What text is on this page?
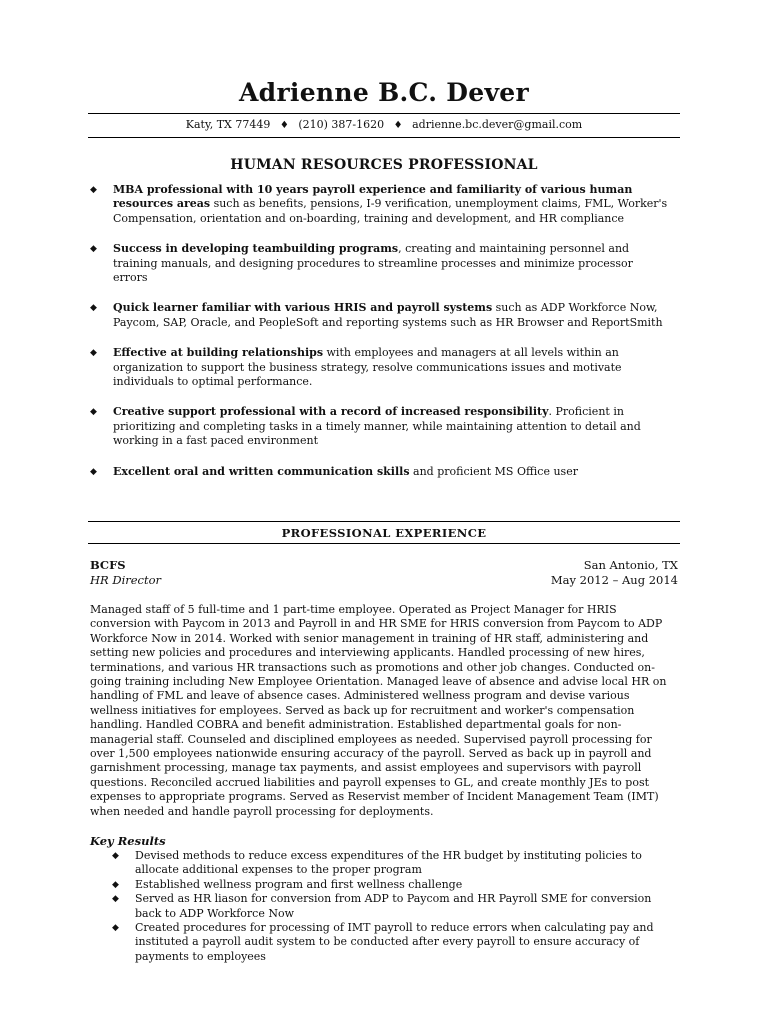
Adrienne B.C. Dever
Katy, TX 77449 ♦ (210) 387-1620 ♦ adrienne.bc.dever@gmail.com
HUMAN RESOURCES PROFESSIONAL
◆ MBA professional with 10 years payroll experience and familiarity of various human resources areas such as benefits, pensions, I-9 verification, unemployment claims, FML, Worker's Compensation, orientation and on-boarding, training and development, and HR compliance
◆ Success in developing teambuilding programs, creating and maintaining personnel and training manuals, and designing procedures to streamline processes and minimize processor errors
◆ Quick learner familiar with various HRIS and payroll systems such as ADP Workforce Now, Paycom, SAP, Oracle, and PeopleSoft and reporting systems such as HR Browser and ReportSmith
◆ Effective at building relationships with employees and managers at all levels within an organization to support the business strategy, resolve communications issues and motivate individuals to optimal performance.
◆ Creative support professional with a record of increased responsibility. Proficient in prioritizing and completing tasks in a timely manner, while maintaining attention to detail and working in a fast paced environment
◆ Excellent oral and written communication skills and proficient MS Office user
PROFESSIONAL EXPERIENCE
BCFS	San Antonio, TX
HR Director	May 2012 – Aug 2014

Managed staff of 5 full-time and 1 part-time employee. Operated as Project Manager for HRIS conversion with Paycom in 2013 and Payroll in and HR SME for HRIS conversion from Paycom to ADP Workforce Now in 2014. Worked with senior management in training of HR staff, administering and setting new policies and procedures and interviewing applicants. Handled processing of new hires, terminations, and various HR transactions such as promotions and other job changes. Conducted on-going training including New Employee Orientation. Managed leave of absence and advise local HR on handling of FML and leave of absence cases. Administered wellness program and devise various wellness initiatives for employees. Served as back up for recruitment and worker's compensation handling. Handled COBRA and benefit administration. Established departmental goals for non-managerial staff. Counseled and disciplined employees as needed. Supervised payroll processing for over 1,500 employees nationwide ensuring accuracy of the payroll. Served as back up in payroll and garnishment processing, manage tax payments, and assist employees and supervisors with payroll questions. Reconciled accrued liabilities and payroll expenses to GL, and create monthly JEs to post expenses to appropriate programs. Served as Reservist member of Incident Management Team (IMT) when needed and handle payroll processing for deployments.

Key Results
◆ Devised methods to reduce excess expenditures of the HR budget by instituting policies to allocate additional expenses to the proper program
◆ Established wellness program and first wellness challenge
◆ Served as HR liason for conversion from ADP to Paycom and HR Payroll SME for conversion back to ADP Workforce Now
◆ Created procedures for processing of IMT payroll to reduce errors when calculating pay and instituted a payroll audit system to be conducted after every payroll to ensure accuracy of payments to employees
